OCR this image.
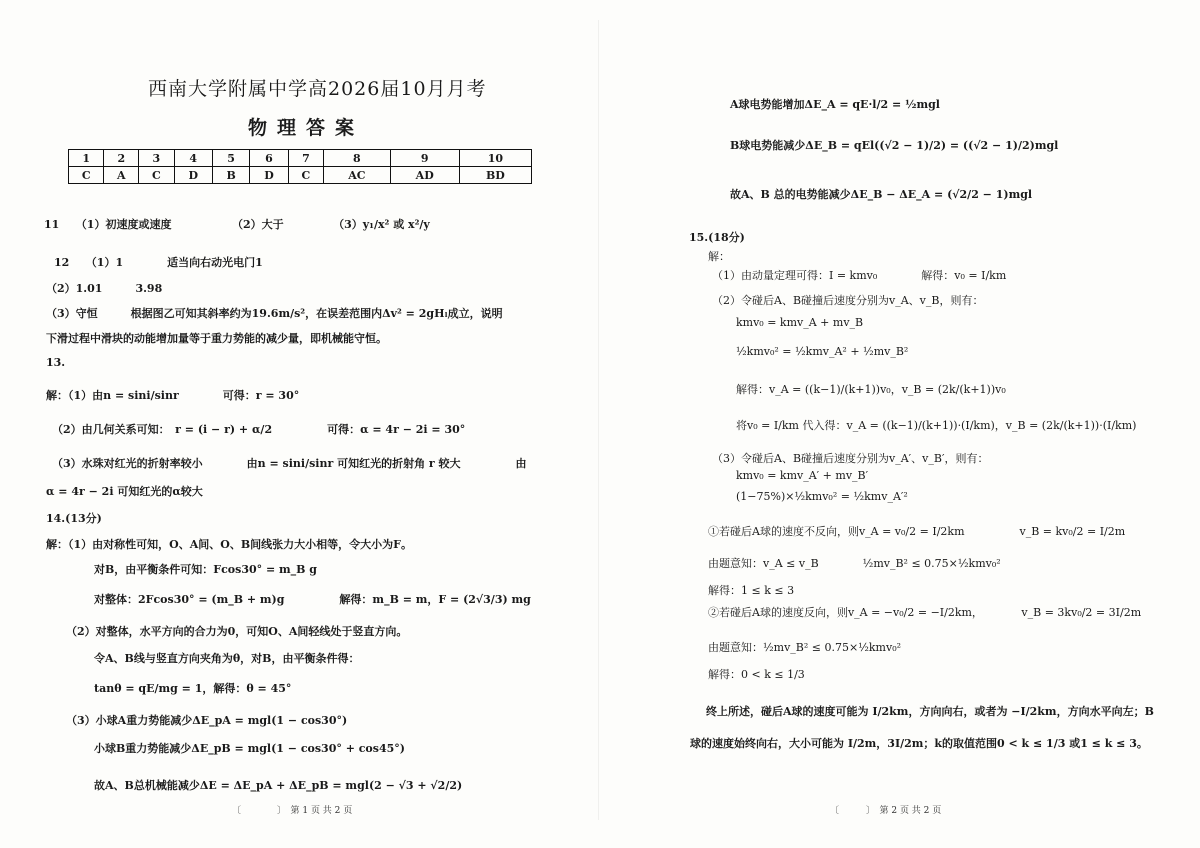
西南大学附属中学高2026届10月月考
物理答案
1	2	3	4	5	6	7	8	9	10
C	A	C	D	B	D	C	AC	AD	BD
11　　（1）初速度或速度　　　　　　（2）大于　　　　　（3）y₁/x² 或 x²/y
12　　（1）1　　　　适当向右动光电门1
（2）1.01　　　3.98
（3）守恒　　　根据图乙可知其斜率约为19.6m/s²，在误差范围内Δv² = 2gHₗ成立，说明
下滑过程中滑块的动能增加量等于重力势能的减少量，即机械能守恒。
13.
解：（1）由n = sini/sinr　　　　可得：r = 30°
（2）由几何关系可知：　r = (i − r) + α/2　　　　　可得：α = 4r − 2i = 30°
（3）水珠对红光的折射率较小　　　　由n = sini/sinr 可知红光的折射角 r 较大　　　　　由
α = 4r − 2i 可知红光的α较大
14.(13分)
解：（1）由对称性可知，O、A间、O、B间线张力大小相等，令大小为F。
对B，由平衡条件可知：Fcos30° = m_B g
对整体：2Fcos30° = (m_B + m)g　　　　　解得：m_B = m，F = (2√3/3) mg
（2）对整体，水平方向的合力为0，可知O、A间轻线处于竖直方向。
令A、B线与竖直方向夹角为θ，对B，由平衡条件得：
tanθ = qE/mg = 1，解得：θ = 45°
（3）小球A重力势能减少ΔE_pA = mgl(1 − cos30°)
小球B重力势能减少ΔE_pB = mgl(1 − cos30° + cos45°)
故A、B总机械能减少ΔE = ΔE_pA + ΔE_pB = mgl(2 − √3 + √2/2)
〔　　　　〕　第 1 页 共 2 页
A球电势能增加ΔE_A = qE·l/2 = ½mgl
B球电势能减少ΔE_B = qEl((√2 − 1)/2) = ((√2 − 1)/2)mgl
故A、B 总的电势能减少ΔE_B − ΔE_A = (√2/2 − 1)mgl
15.(18分)
解：
（1）由动量定理可得：I = kmv₀　　　　解得：v₀ = I/km
（2）令碰后A、B碰撞后速度分别为v_A、v_B，则有：
kmv₀ = kmv_A + mv_B
½kmv₀² = ½kmv_A² + ½mv_B²
解得：v_A = ((k−1)/(k+1))v₀，v_B = (2k/(k+1))v₀
将v₀ = I/km 代入得：v_A = ((k−1)/(k+1))·(I/km)，v_B = (2k/(k+1))·(I/km)
（3）令碰后A、B碰撞后速度分别为v_A′、v_B′，则有：
kmv₀ = kmv_A′ + mv_B′
(1−75%)×½kmv₀² = ½kmv_A′²
①若碰后A球的速度不反向，则v_A = v₀/2 = I/2km　　　　　v_B = kv₀/2 = I/2m
由题意知：v_A ≤ v_B　　　　½mv_B² ≤ 0.75×½kmv₀²
解得：1 ≤ k ≤ 3
②若碰后A球的速度反向，则v_A = −v₀/2 = −I/2km，　　　　v_B = 3kv₀/2 = 3I/2m
由题意知：½mv_B² ≤ 0.75×½kmv₀²
解得：0 < k ≤ 1/3
终上所述，碰后A球的速度可能为 I/2km，方向向右，或者为 −I/2km，方向水平向左；B
球的速度始终向右，大小可能为 I/2m，3I/2m；k的取值范围0 < k ≤ 1/3 或1 ≤ k ≤ 3。
〔　　　〕　第 2 页 共 2 页
